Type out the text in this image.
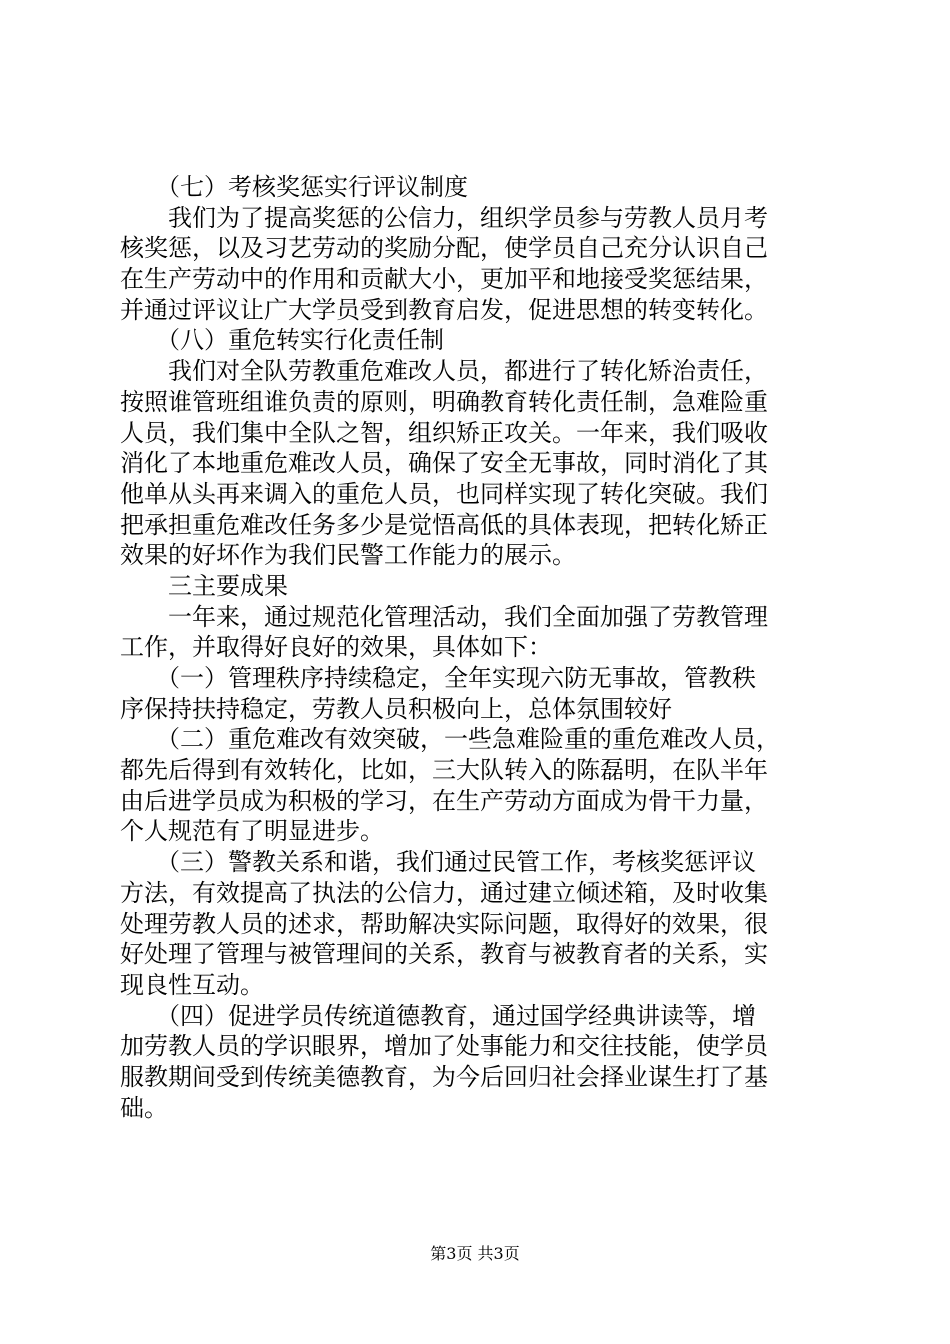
　　（七）考核奖惩实行评议制度
　　我们为了提高奖惩的公信力，组织学员参与劳教人员月考
核奖惩，以及习艺劳动的奖励分配，使学员自己充分认识自己
在生产劳动中的作用和贡献大小，更加平和地接受奖惩结果，
并通过评议让广大学员受到教育启发，促进思想的转变转化。
　　（八）重危转实行化责任制
　　我们对全队劳教重危难改人员，都进行了转化矫治责任，
按照谁管班组谁负责的原则，明确教育转化责任制，急难险重
人员，我们集中全队之智，组织矫正攻关。一年来，我们吸收
消化了本地重危难改人员，确保了安全无事故，同时消化了其
他单从头再来调入的重危人员，也同样实现了转化突破。我们
把承担重危难改任务多少是觉悟高低的具体表现，把转化矫正
效果的好坏作为我们民警工作能力的展示。
　　三主要成果
　　一年来，通过规范化管理活动，我们全面加强了劳教管理
工作，并取得好良好的效果，具体如下：
　　（一）管理秩序持续稳定，全年实现六防无事故，管教秩
序保持扶持稳定，劳教人员积极向上，总体氛围较好
　　（二）重危难改有效突破，一些急难险重的重危难改人员，
都先后得到有效转化，比如，三大队转入的陈磊明，在队半年
由后进学员成为积极的学习，在生产劳动方面成为骨干力量，
个人规范有了明显进步。
　　（三）警教关系和谐，我们通过民管工作，考核奖惩评议
方法，有效提高了执法的公信力，通过建立倾述箱，及时收集
处理劳教人员的述求，帮助解决实际问题，取得好的效果，很
好处理了管理与被管理间的关系，教育与被教育者的关系，实
现良性互动。
　　（四）促进学员传统道德教育，通过国学经典讲读等，增
加劳教人员的学识眼界，增加了处事能力和交往技能，使学员
服教期间受到传统美德教育，为今后回归社会择业谋生打了基
础。
第3页 共3页
